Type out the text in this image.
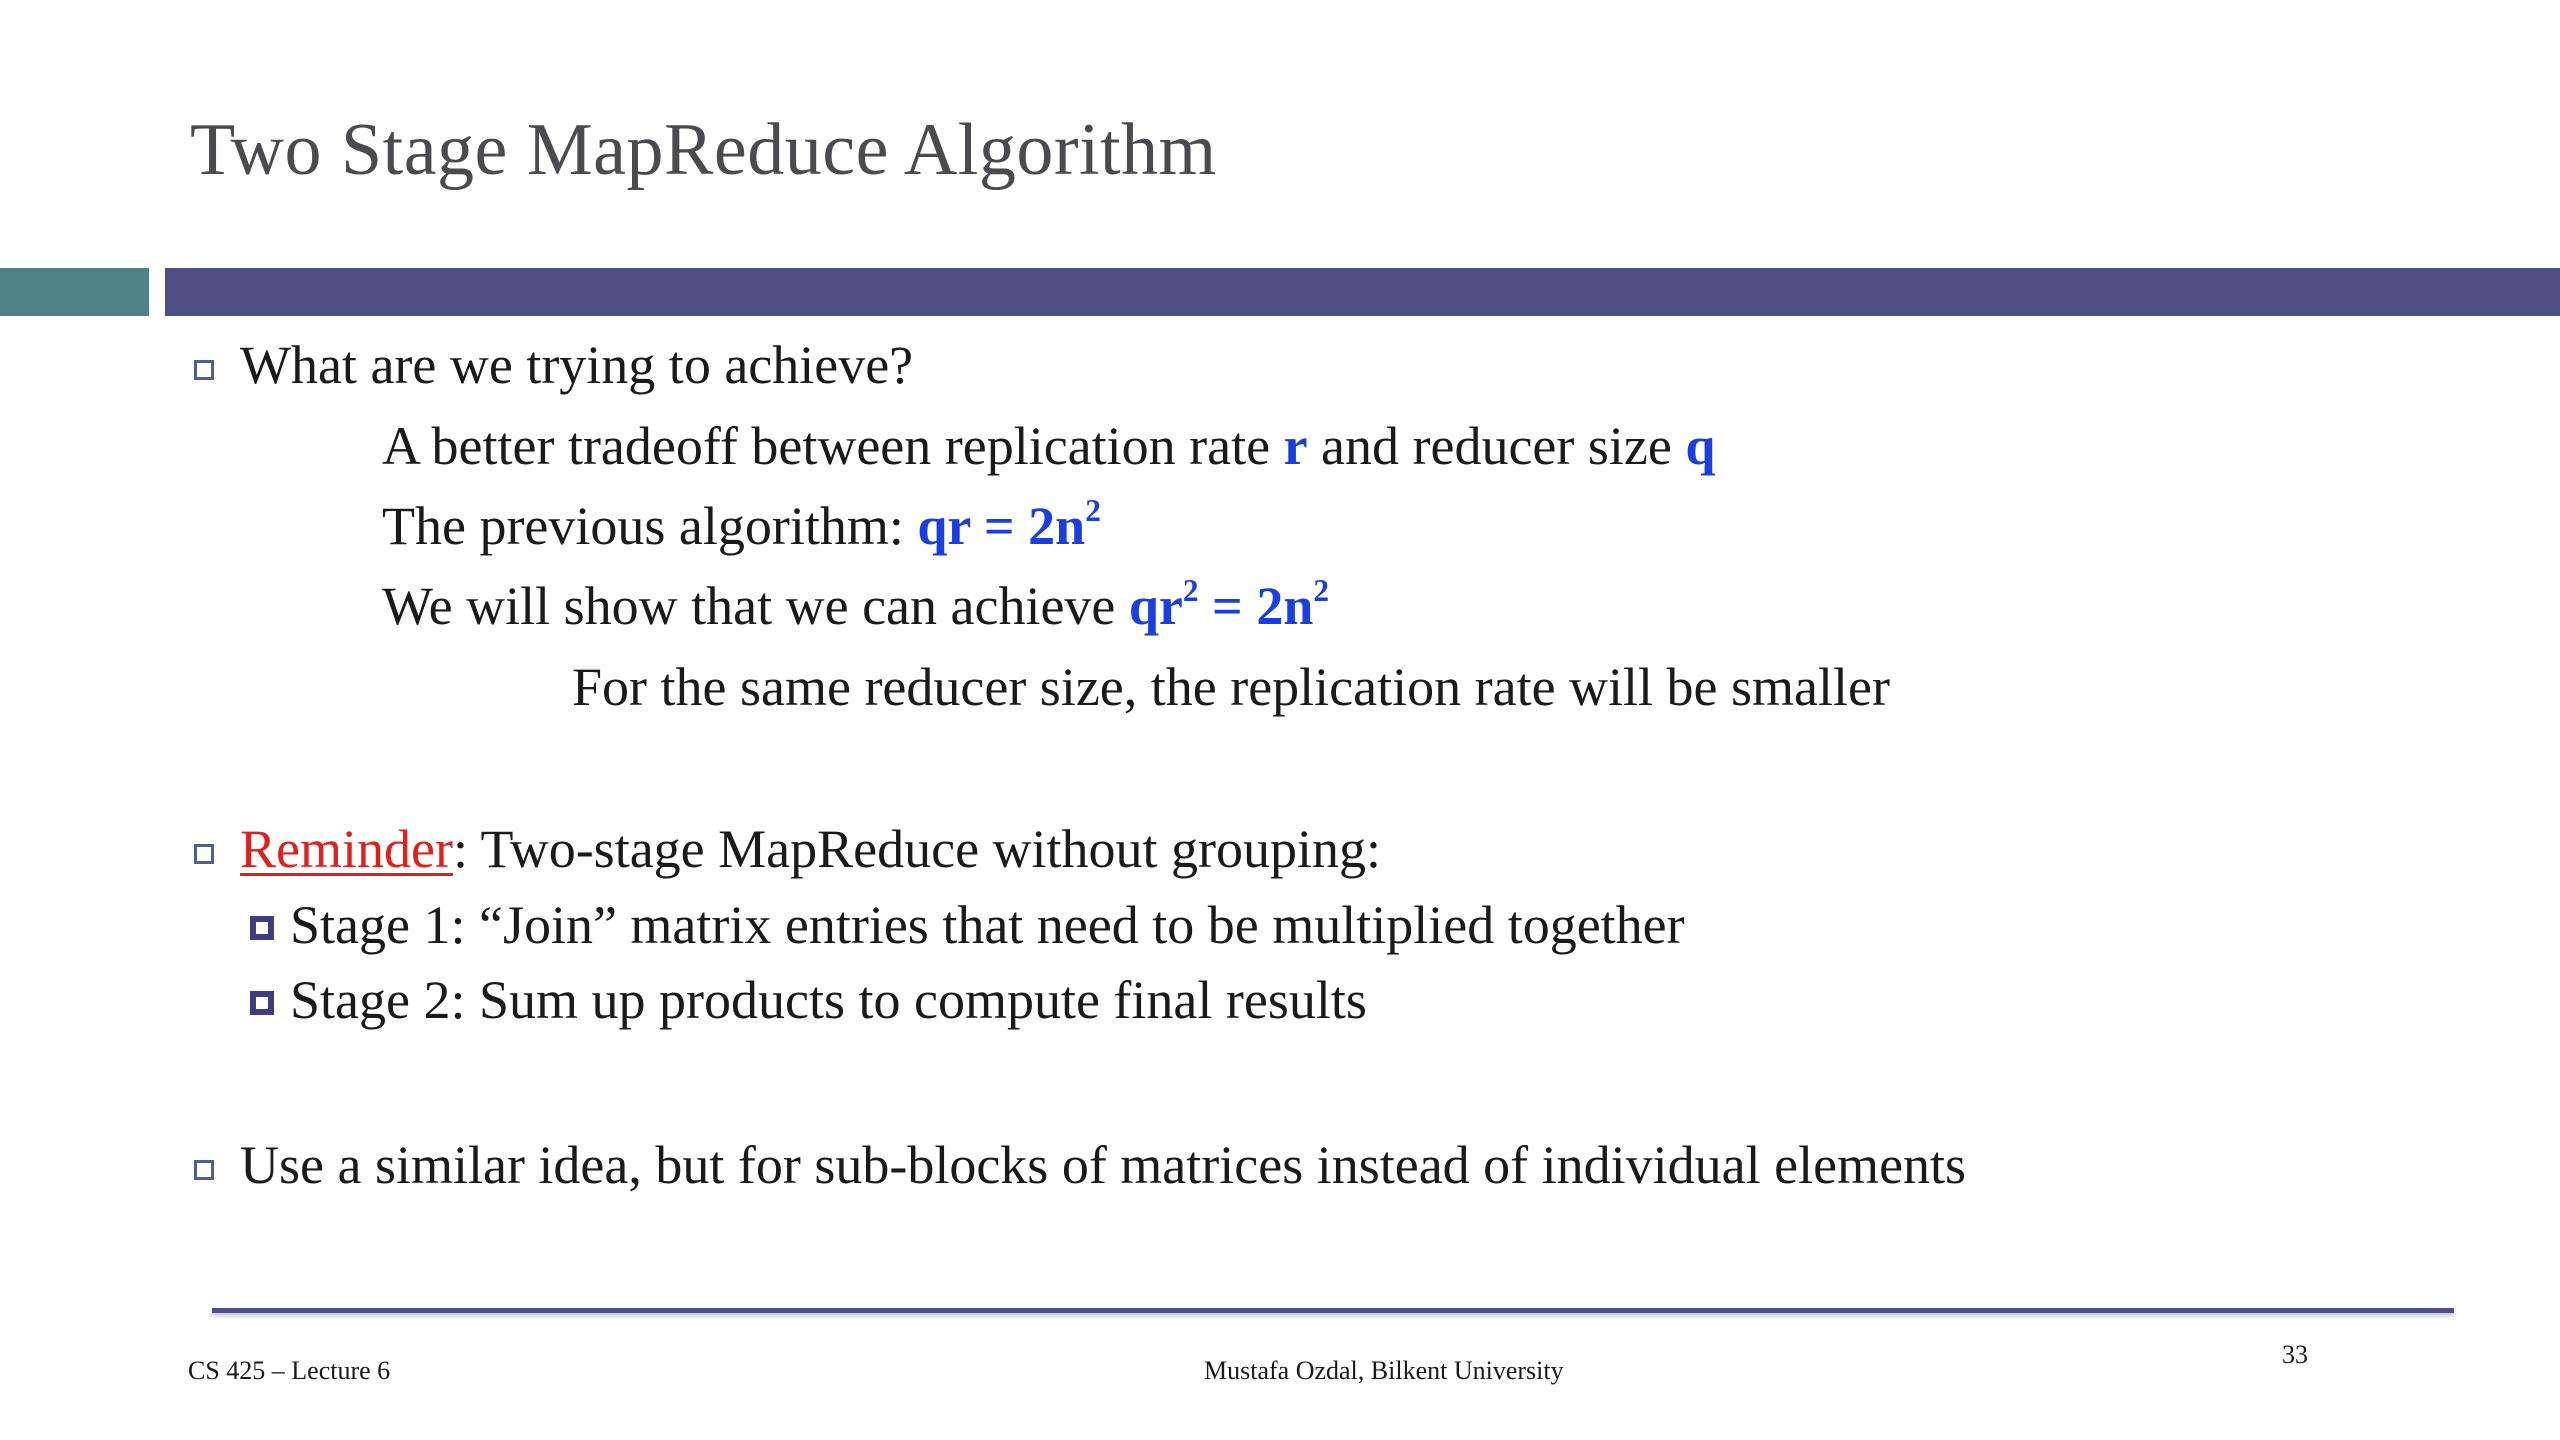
Two Stage MapReduce Algorithm
What are we trying to achieve?
A better tradeoff between replication rate r and reducer size q
The previous algorithm: qr = $2n^2$
We will show that we can achieve $qr^2 = 2n^2$
For the same reducer size, the replication rate will be smaller
Reminder: Two-stage MapReduce without grouping:
Stage 1: “Join” matrix entries that need to be multiplied together
Stage 2: Sum up products to compute final results
Use a similar idea, but for sub-blocks of matrices instead of individual elements
CS 425 – Lecture 6	Mustafa Ozdal, Bilkent University
33
